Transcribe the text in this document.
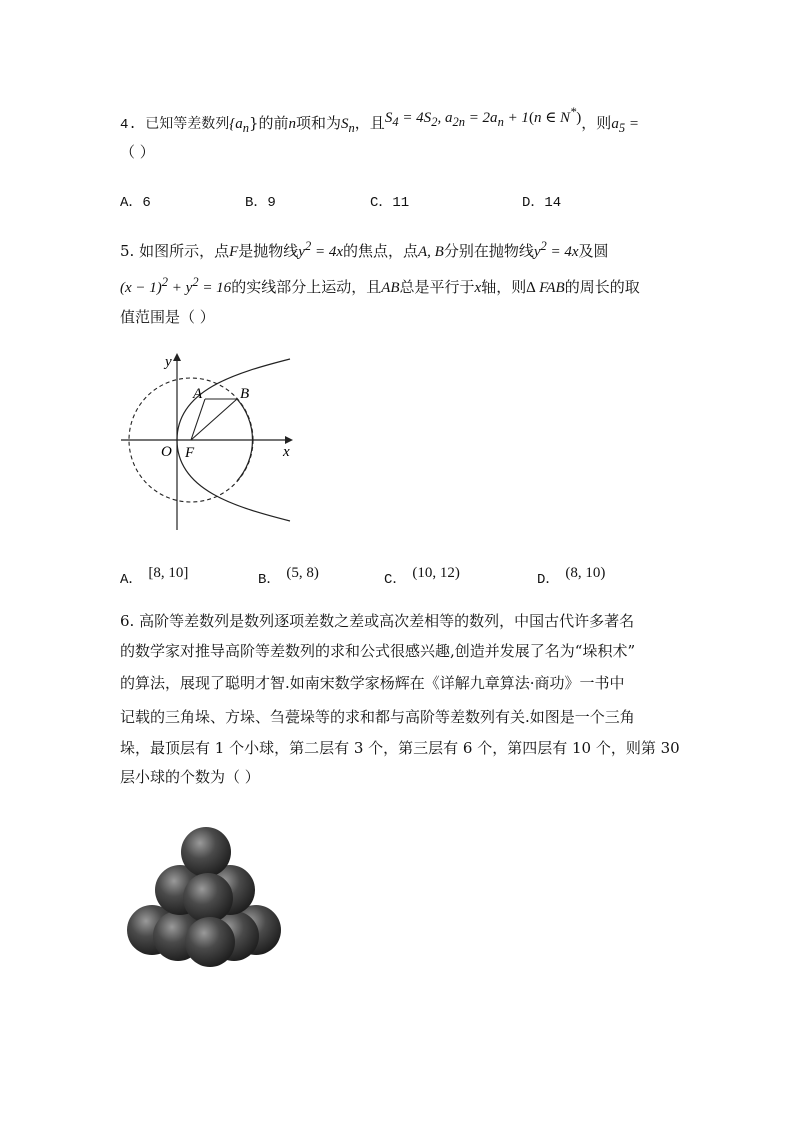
4. 已知等差数列$\{a_n\}$的前n项和为$S_n$，且$S_4 = 4S_2$, $a_{2n} = 2a_n + 1(n$ ∈ N*)，则$a_5$ =
（ ）
A．6	B．9	C．11	D．14
5. 如图所示，点F是抛物线$y^2 = 4x$的焦点，点A, B分别在抛物线$y^2 = 4x$及圆
$(x - 1)^2 + y^2 = 16$的实线部分上运动，且AB总是平行于x轴，则∆ FAB的周长的取
值范围是（ ）
y
x
O F
A	B
A． [8, 10]	B． (5, 8)	C． (10, 12)	D． (8, 10)
6. 高阶等差数列是数列逐项差数之差或高次差相等的数列，中国古代许多著名
的数学家对推导高阶等差数列的求和公式很感兴趣,创造并发展了名为“垛积术”
的算法，展现了聪明才智.如南宋数学家杨辉在《详解九章算法·商功》一书中
记载的三角垛、方垛、刍甍垛等的求和都与高阶等差数列有关.如图是一个三角
垛，最顶层有 1 个小球，第二层有 3 个，第三层有 6 个，第四层有 10 个，则第 30
层小球的个数为（ ）
